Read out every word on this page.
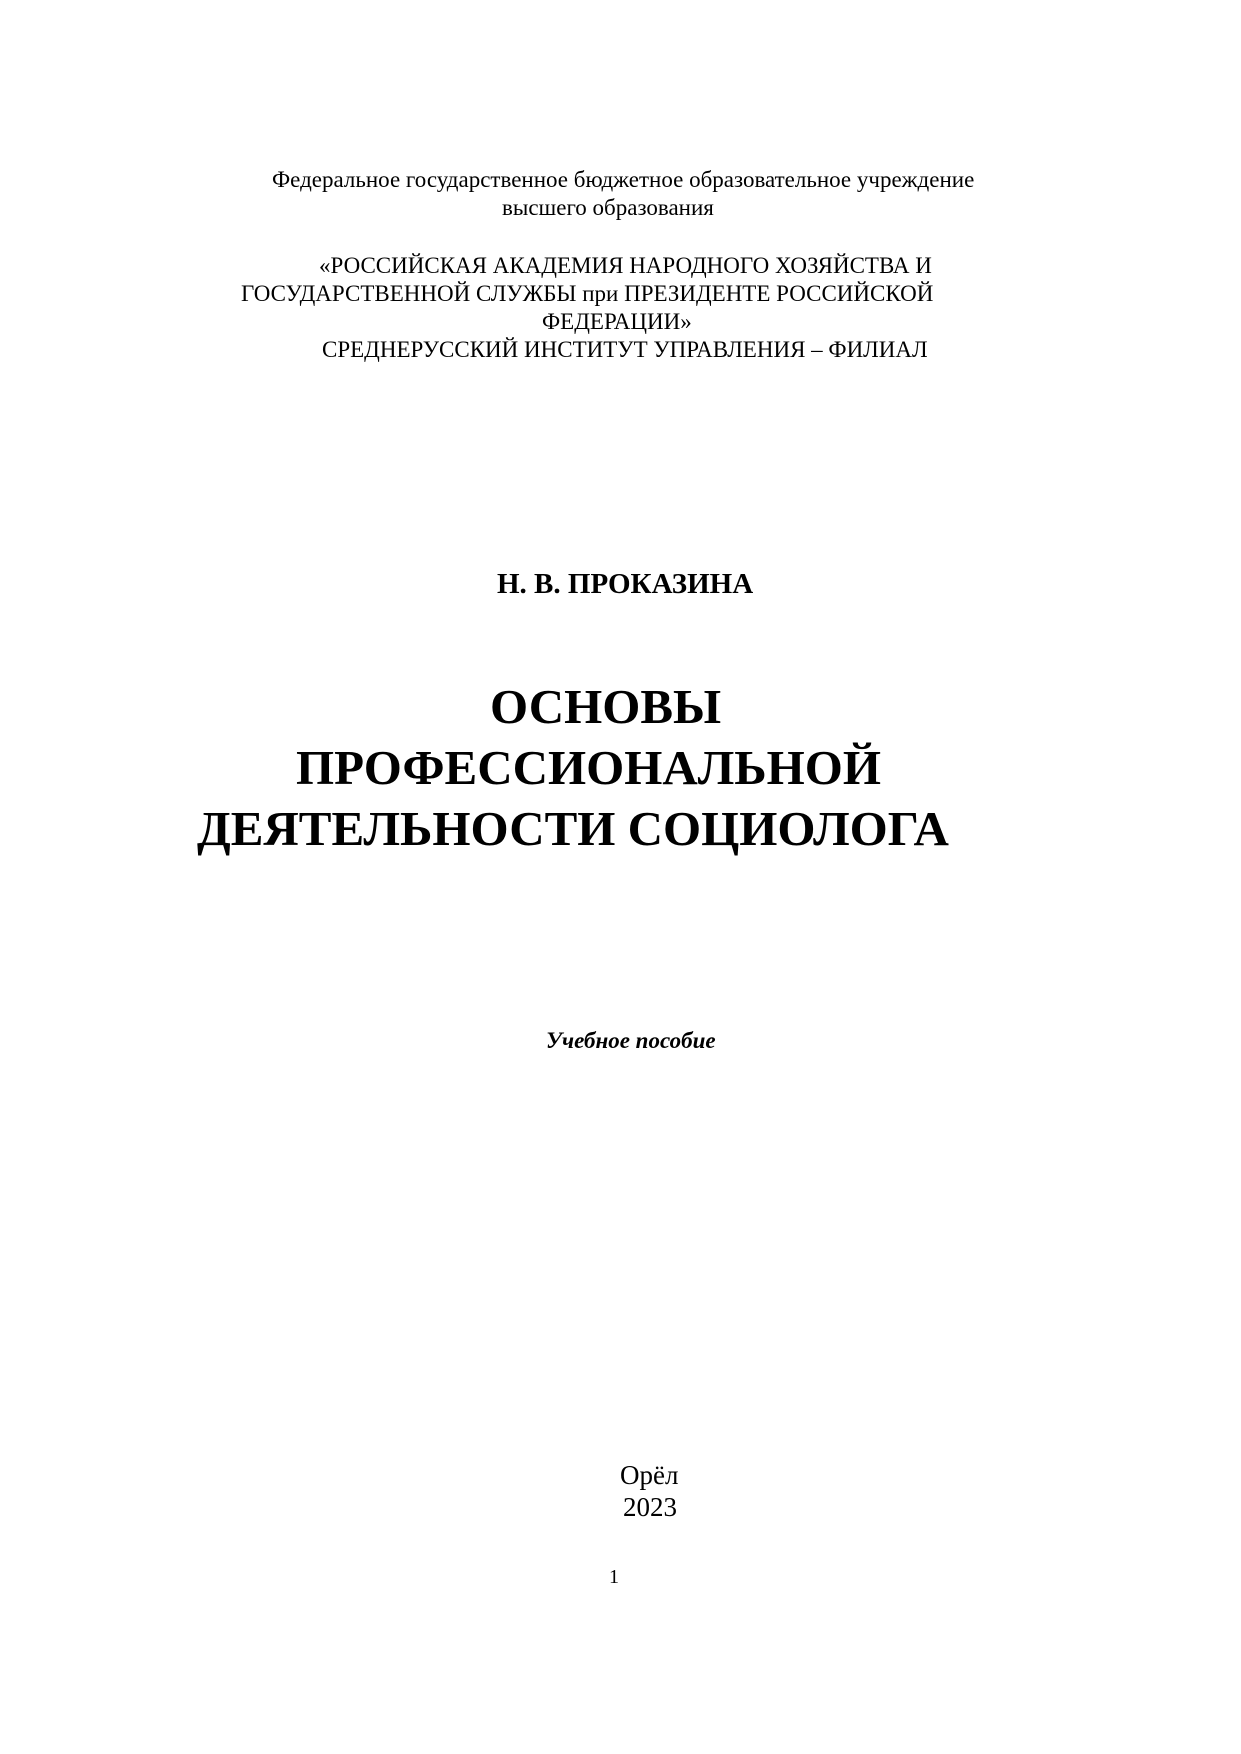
Федеральное государственное бюджетное образовательное учреждение
высшего образования
«РОССИЙСКАЯ АКАДЕМИЯ НАРОДНОГО ХОЗЯЙСТВА И
ГОСУДАРСТВЕННОЙ СЛУЖБЫ при ПРЕЗИДЕНТЕ РОССИЙСКОЙ
ФЕДЕРАЦИИ»
СРЕДНЕРУССКИЙ ИНСТИТУТ УПРАВЛЕНИЯ – ФИЛИАЛ
Н. В. ПРОКАЗИНА
ОСНОВЫ
ПРОФЕССИОНАЛЬНОЙ
ДЕЯТЕЛЬНОСТИ СОЦИОЛОГА
Учебное пособие
Орёл
2023
1
